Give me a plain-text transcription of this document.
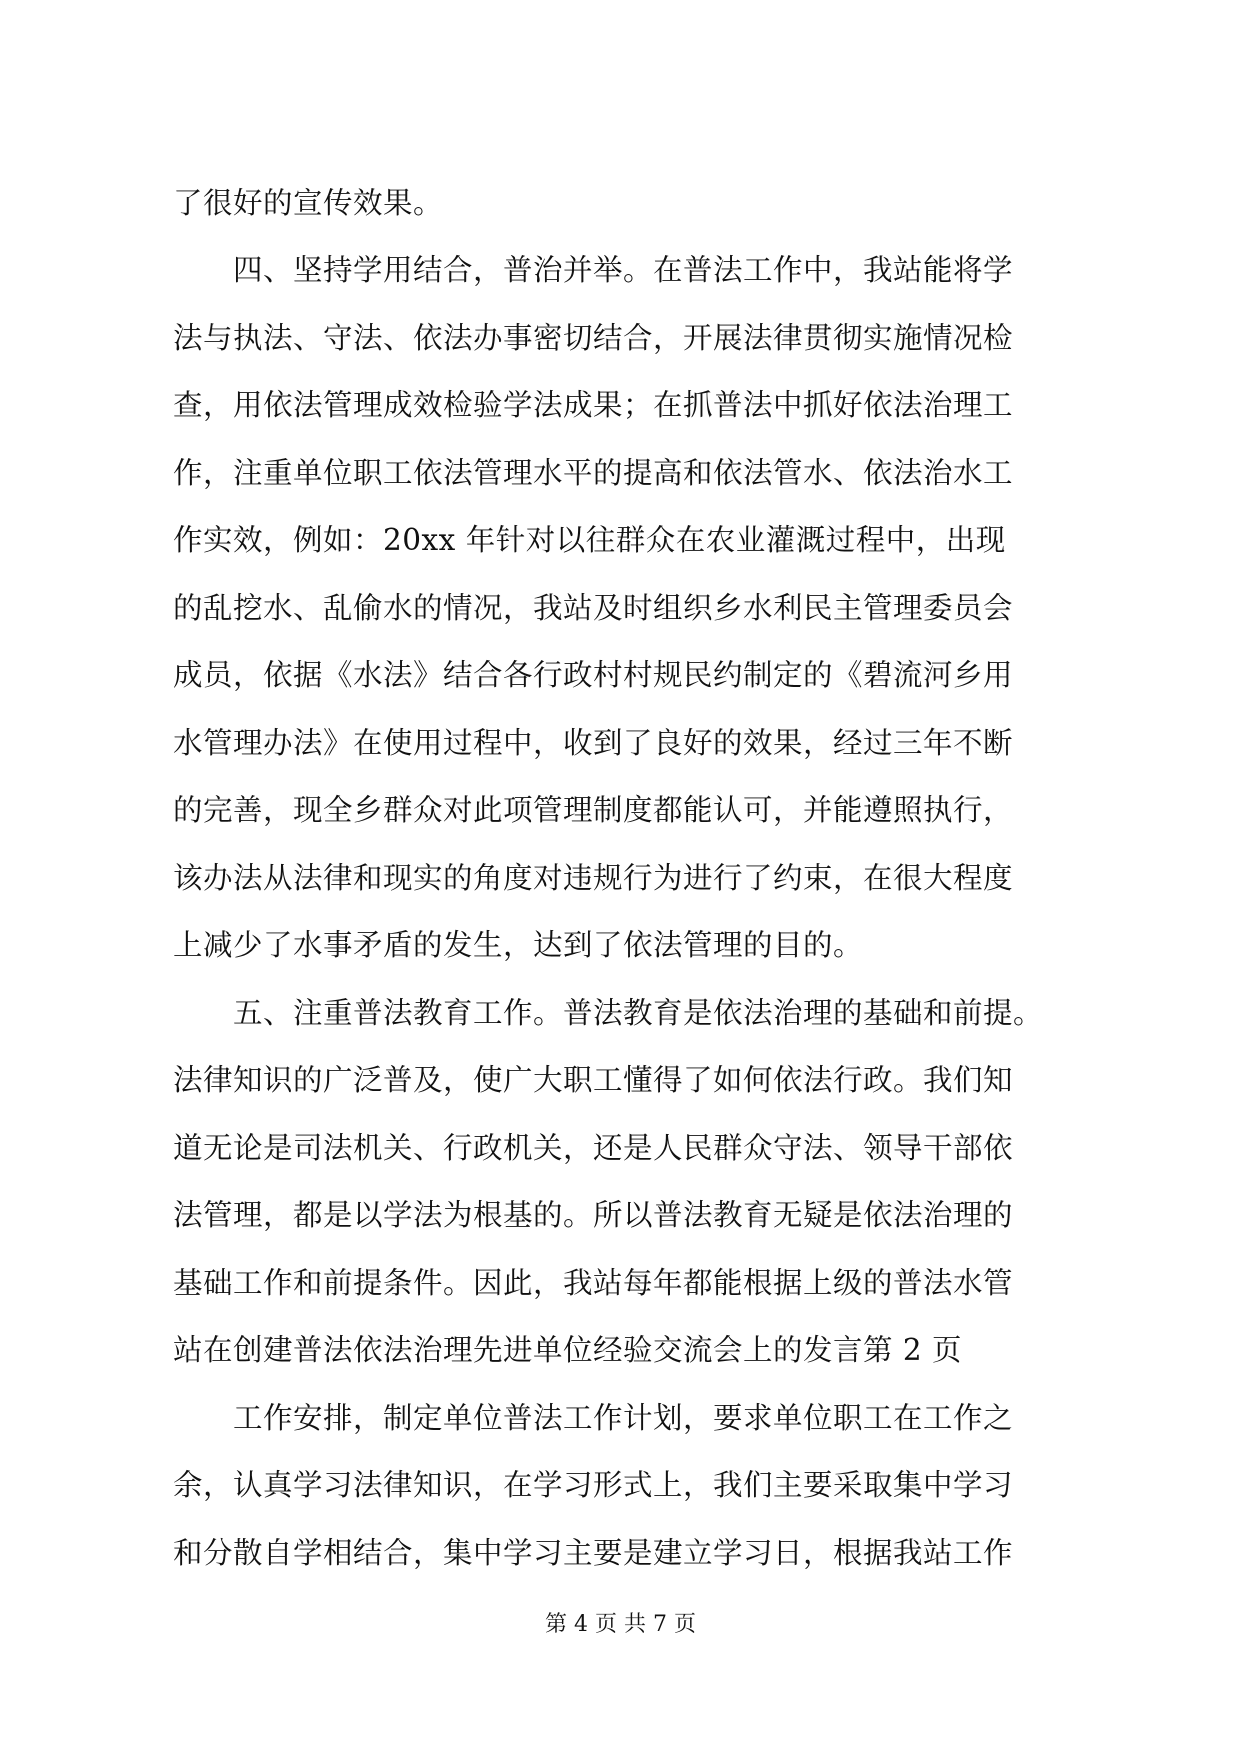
了很好的宣传效果。
　　四、坚持学用结合，普治并举。在普法工作中，我站能将学
法与执法、守法、依法办事密切结合，开展法律贯彻实施情况检
查，用依法管理成效检验学法成果；在抓普法中抓好依法治理工
作，注重单位职工依法管理水平的提高和依法管水、依法治水工
作实效，例如：20xx 年针对以往群众在农业灌溉过程中，出现
的乱挖水、乱偷水的情况，我站及时组织乡水利民主管理委员会
成员，依据《水法》结合各行政村村规民约制定的《碧流河乡用
水管理办法》在使用过程中，收到了良好的效果，经过三年不断
的完善，现全乡群众对此项管理制度都能认可，并能遵照执行，
该办法从法律和现实的角度对违规行为进行了约束，在很大程度
上减少了水事矛盾的发生，达到了依法管理的目的。
　　五、注重普法教育工作。普法教育是依法治理的基础和前提。
法律知识的广泛普及，使广大职工懂得了如何依法行政。我们知
道无论是司法机关、行政机关，还是人民群众守法、领导干部依
法管理，都是以学法为根基的。所以普法教育无疑是依法治理的
基础工作和前提条件。因此，我站每年都能根据上级的普法水管
站在创建普法依法治理先进单位经验交流会上的发言第 2 页
　　工作安排，制定单位普法工作计划，要求单位职工在工作之
余，认真学习法律知识，在学习形式上，我们主要采取集中学习
和分散自学相结合，集中学习主要是建立学习日，根据我站工作
第 4 页 共 7 页
